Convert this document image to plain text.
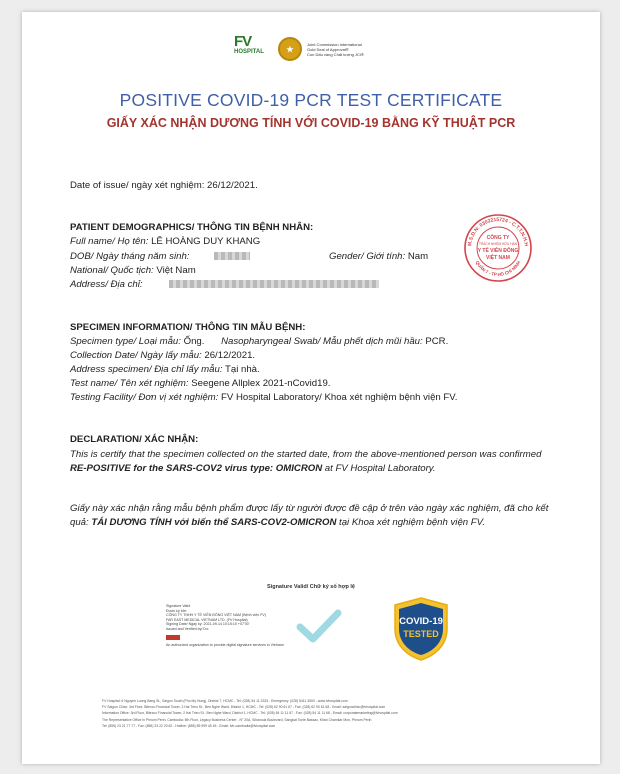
FV
HOSPITAL	★
Joint Commission International
Gold Seal of Approval®
Con Dấu vàng Chất lượng JCI®
POSITIVE COVID-19 PCR TEST CERTIFICATE
GIẤY XÁC NHẬN DƯƠNG TÍNH VỚI COVID-19 BẰNG KỸ THUẬT PCR
Date of issue/ ngày xét nghiệm: 26/12/2021.
PATIENT DEMOGRAPHICS/ THÔNG TIN BỆNH NHÂN:
Full name/ Họ tên: LÊ HOÀNG DUY KHANG
DOB/ Ngày tháng năm sinh:	Gender/ Giới tính: Nam
National/ Quốc tịch: Việt Nam
Address/ Địa chỉ:
SPECIMEN INFORMATION/ THÔNG TIN MẪU BỆNH:
Specimen type/ Loại mẫu: Ống. Nasopharyngeal Swab/ Mẫu phết dịch mũi hầu: PCR.
Collection Date/ Ngày lấy mẫu: 26/12/2021.
Address specimen/ Địa chỉ lấy mẫu: Tại nhà.
Test name/ Tên xét nghiệm: Seegene Allplex 2021-nCovid19.
Testing Facility/ Đơn vị xét nghiệm: FV Hospital Laboratory/ Khoa xét nghiệm bệnh viện FV.
DECLARATION/ XÁC NHẬN:
This is certify that the specimen collected on the started date, from the above-mentioned person was confirmed RE-POSITIVE for the SARS-COV2 virus type: OMICRON at FV Hospital Laboratory.
Giấy này xác nhận rằng mẫu bệnh phẩm được lấy từ người được đề cập ở trên vào ngày xác nghiệm, đã cho kết quả: TÁI DƯƠNG TÍNH với biến thể SARS-COV2-OMICRON tại Khoa xét nghiệm bệnh viện FV.
M.S.D.N: 0302215724 - C.T.T.N.H.H
QUẬN 7 - TP HỒ CHÍ MINH
CÔNG TY
TRÁCH NHIỆM HỮU HẠN
Y TẾ VIỄN ĐÔNG
VIỆT NAM
Signature Valid/ Chữ ký số hợp lệ
Signature Valid
Được ký bởi:
CÔNG TY TNHH Y TẾ VIỄN ĐÔNG VIỆT NAM (Bệnh viện FV)
FAR EAST MEDICAL VIETNAM LTD. (FV Hospital)
Signing Date/ Ngày ký: 2021-09-14 10:15:10 +07'00'
Issued and Verified by/ Do:
An authorized organization to provide digital signature services in Vietnam
COVID-19
TESTED
FV Hospital: 6 Nguyen Luong Bang St., Saigon South (Phu My Hung), District 7, HCMC - Tel: (028) 54 11 3333 - Emergency: (028) 5411 3500 - www.fvhospital.com
FV Saigon Clinic: 3rd Floor, Bitexco Financial Tower, 2 Hai Trieu St., Ben Nghe Ward, District 1, HCMC - Tel: (028) 62 90 61 67 - Fax: (028) 62 90 61 68 - Email: saigonclinic@fvhospital.com
Information Office: 3rd Floor, Bitexco Financial Tower, 2 Hai Trieu St., Ben Nghe Ward, District 1, HCMC - Tel: (028) 54 11 11 67 - Fax: (028) 54 11 11 68 - Email: corporatemarketing@fvhospital.com
The Representative Office in Phnom Penh, Cambodia: 5th Floor, Legacy Business Center - N° 20A, Sihanouk Boulevard, Sangkat Tonle Bassac, Khan Chamkar Mon, Phnom Penh
Tel: (855) 23 21 77 77 - Fax: (855) 23 22 20 62 - Hotline: (855) 89 999 45 45 - Email: fvh-cambodia@fvhospital.com
